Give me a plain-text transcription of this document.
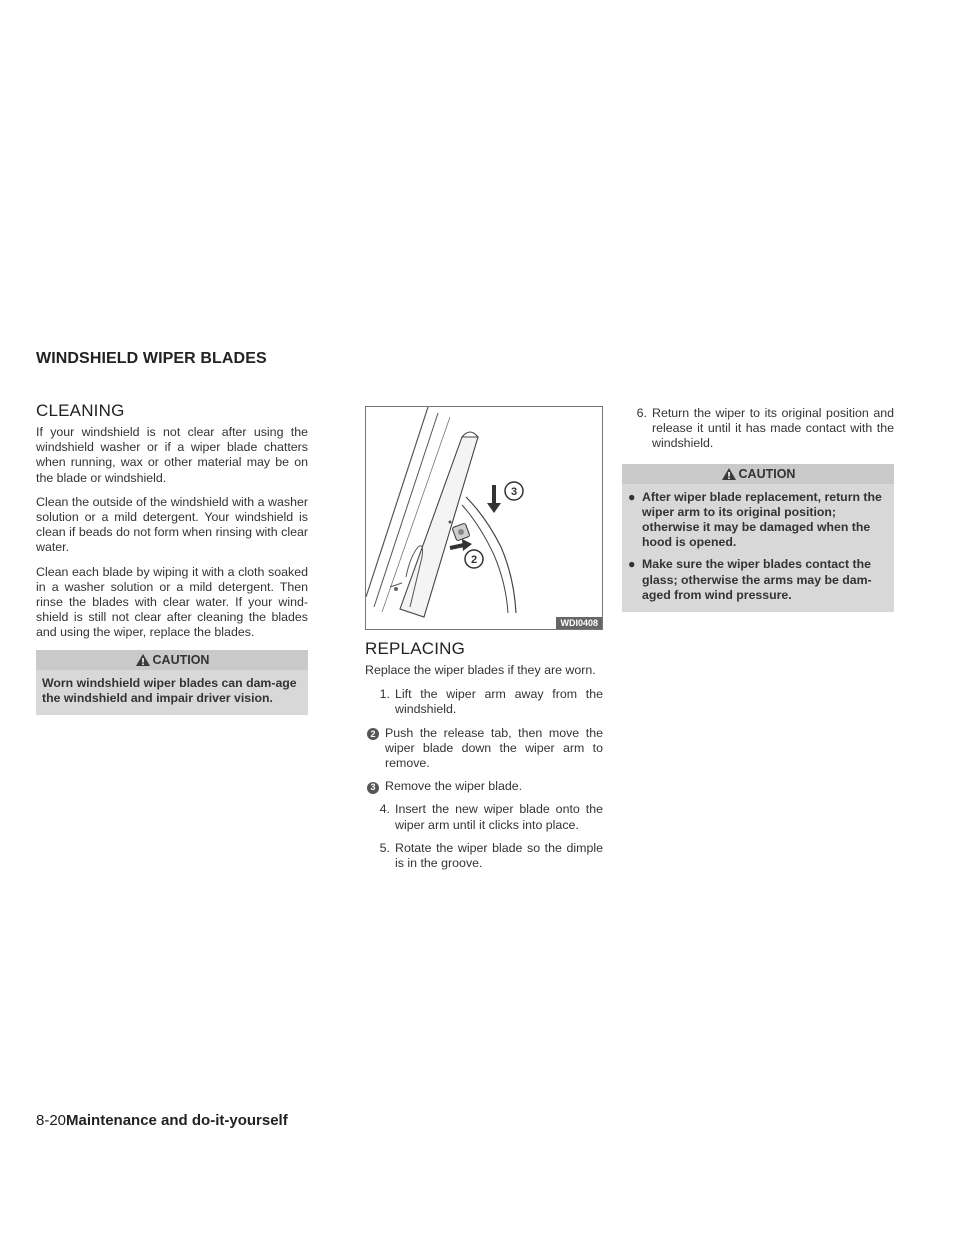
WINDSHIELD WIPER BLADES
CLEANING

If your windshield is not clear after using the windshield washer or if a wiper blade chatters when running, wax or other material may be on the blade or windshield.

Clean the outside of the windshield with a washer solution or a mild detergent. Your windshield is clean if beads do not form when rinsing with clear water.

Clean each blade by wiping it with a cloth soaked in a washer solution or a mild detergent. Then rinse the blades with clear water. If your wind-shield is still not clear after cleaning the blades and using the wiper, replace the blades.

CAUTION
Worn windshield wiper blades can dam-age the windshield and impair driver vision.
3
2
WDI0408
REPLACING

Replace the wiper blades if they are worn.

1. Lift the wiper arm away from the windshield.
2 Push the release tab, then move the wiper blade down the wiper arm to remove.
3 Remove the wiper blade.
4. Insert the new wiper blade onto the wiper arm until it clicks into place.
5. Rotate the wiper blade so the dimple is in the groove.
6. Return the wiper to its original position and release it until it has made contact with the windshield.
CAUTION
● After wiper blade replacement, return the wiper arm to its original position; otherwise it may be damaged when the hood is opened.
● Make sure the wiper blades contact the glass; otherwise the arms may be dam-aged from wind pressure.
8-20Maintenance and do-it-yourself
